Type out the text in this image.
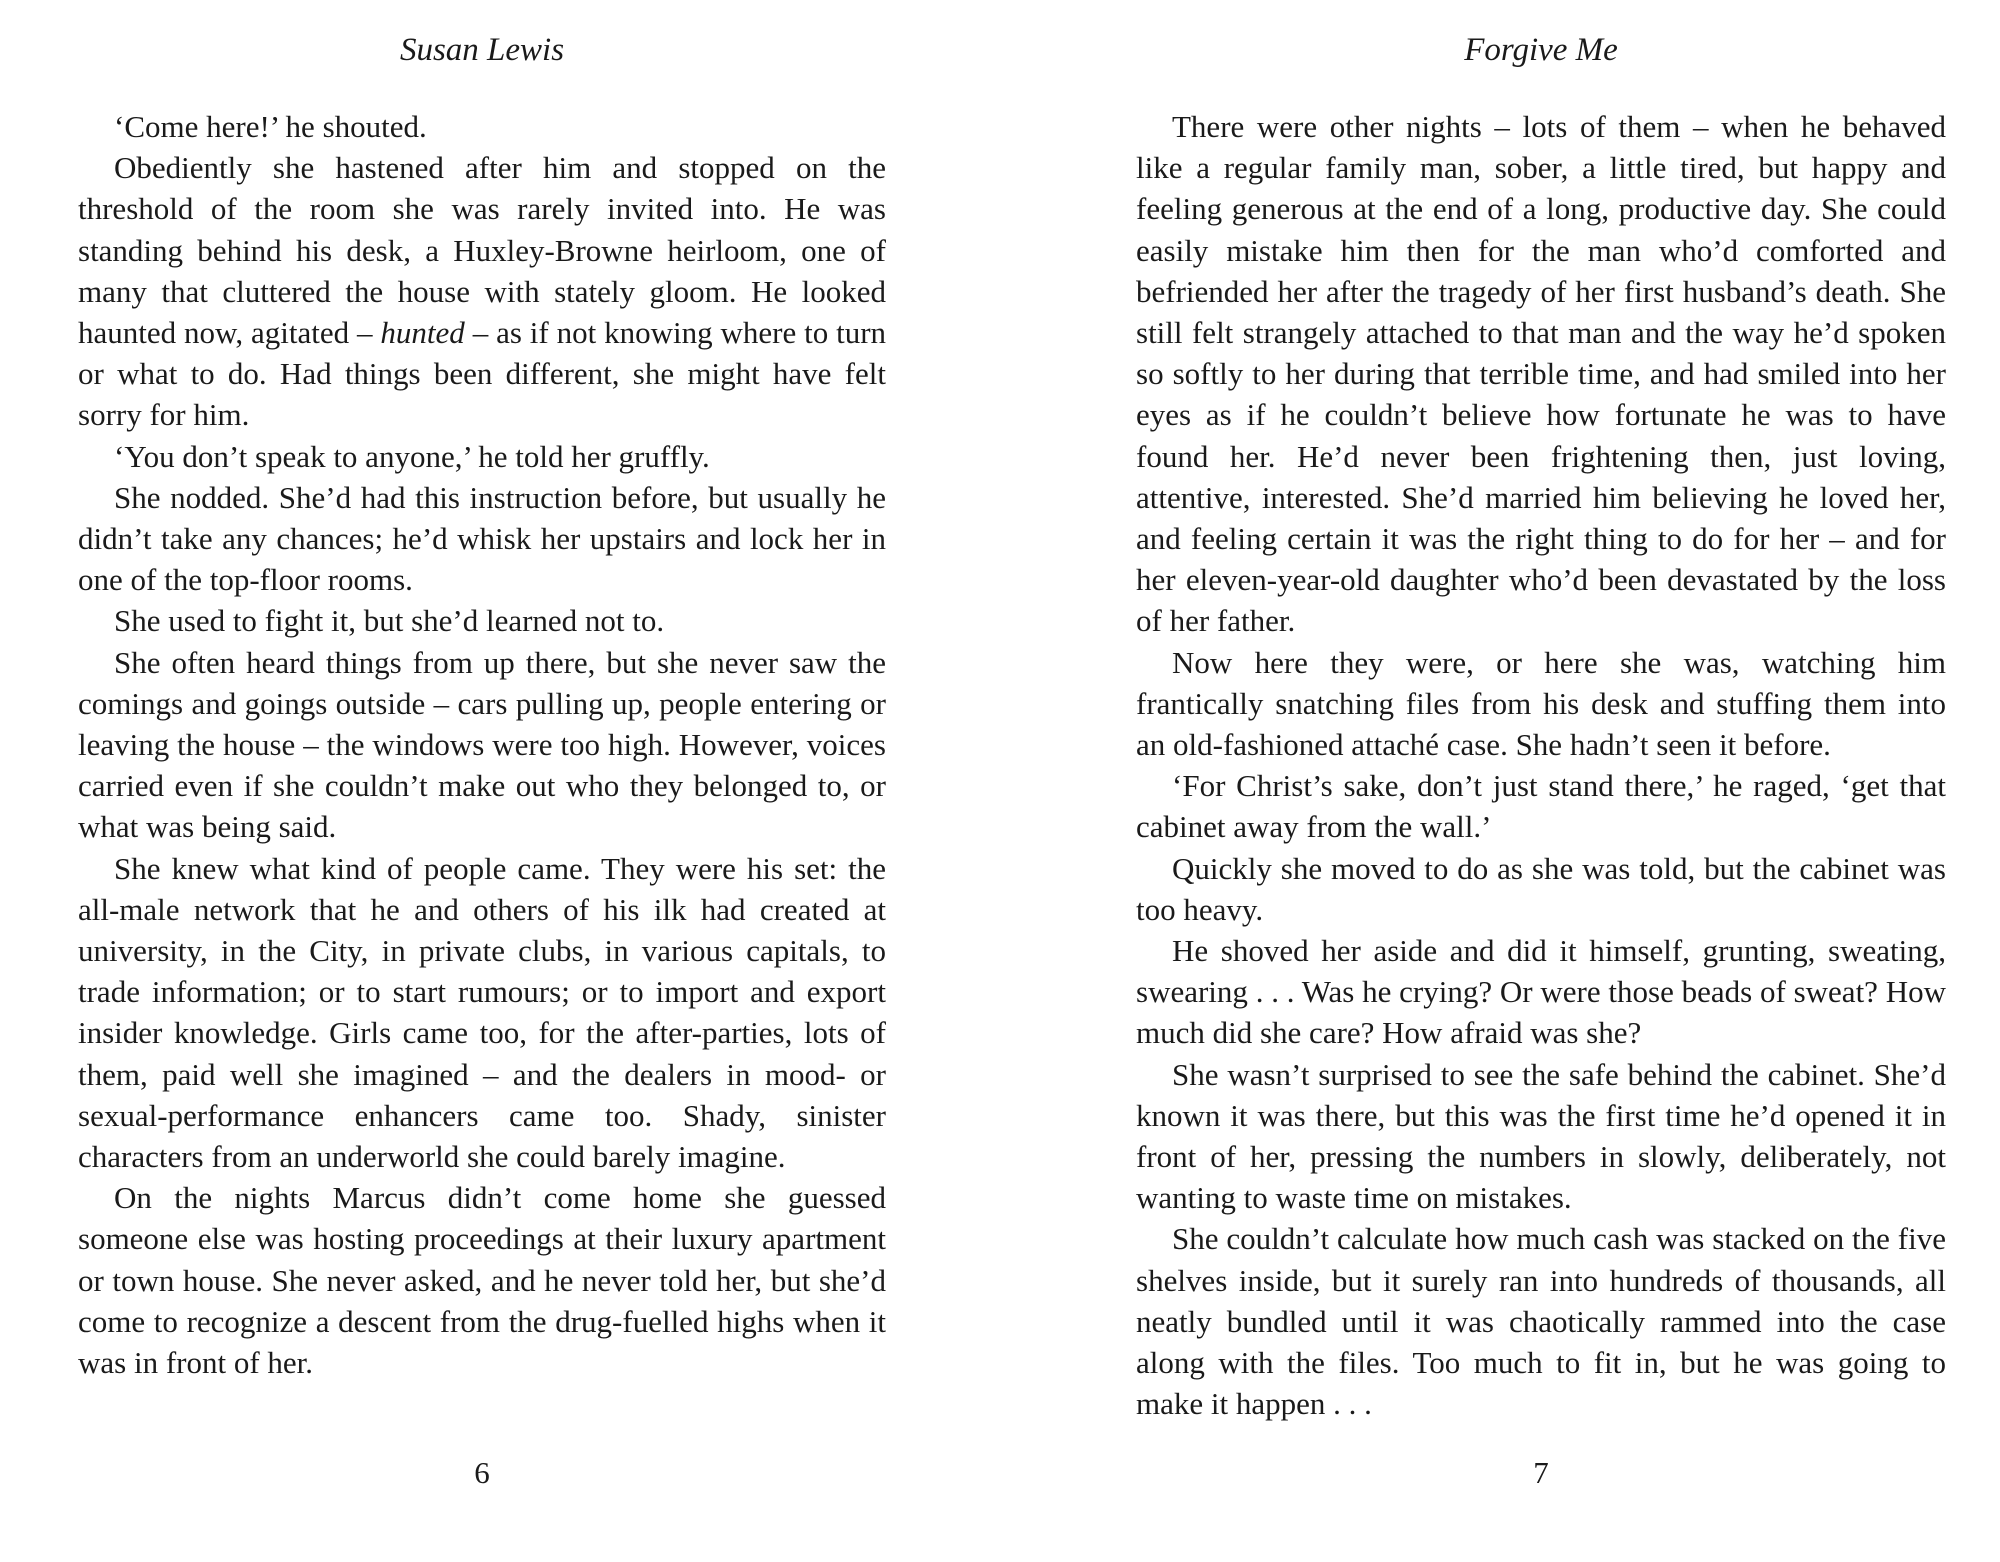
Susan Lewis

‘Come here!’ he shouted.

Obediently she hastened after him and stopped on the threshold of the room she was rarely invited into. He was standing behind his desk, a Huxley-Browne heirloom, one of many that cluttered the house with stately gloom. He looked haunted now, agitated – hunted – as if not knowing where to turn or what to do. Had things been different, she might have felt sorry for him.

‘You don’t speak to anyone,’ he told her gruffly.

She nodded. She’d had this instruction before, but usually he didn’t take any chances; he’d whisk her upstairs and lock her in one of the top-floor rooms.

She used to fight it, but she’d learned not to.

She often heard things from up there, but she never saw the comings and goings outside – cars pulling up, people entering or leaving the house – the windows were too high. However, voices carried even if she couldn’t make out who they belonged to, or what was being said.

She knew what kind of people came. They were his set: the all-male network that he and others of his ilk had created at university, in the City, in private clubs, in various capitals, to trade information; or to start rumours; or to import and export insider knowledge. Girls came too, for the after-parties, lots of them, paid well she imagined – and the dealers in mood- or sexual-performance enhancers came too. Shady, sinister characters from an underworld she could barely imagine.

On the nights Marcus didn’t come home she guessed someone else was hosting proceedings at their luxury apartment or town house. She never asked, and he never told her, but she’d come to recognize a descent from the drug-fuelled highs when it was in front of her.

6
Forgive Me

There were other nights – lots of them – when he behaved like a regular family man, sober, a little tired, but happy and feeling generous at the end of a long, productive day. She could easily mistake him then for the man who’d comforted and befriended her after the tragedy of her first husband’s death. She still felt strangely attached to that man and the way he’d spoken so softly to her during that terrible time, and had smiled into her eyes as if he couldn’t believe how fortunate he was to have found her. He’d never been frightening then, just loving, attentive, interested. She’d married him believing he loved her, and feeling certain it was the right thing to do for her – and for her eleven-year-old daughter who’d been devastated by the loss of her father.

Now here they were, or here she was, watching him frantically snatching files from his desk and stuffing them into an old-fashioned attaché case. She hadn’t seen it before.

‘For Christ’s sake, don’t just stand there,’ he raged, ‘get that cabinet away from the wall.’

Quickly she moved to do as she was told, but the cabinet was too heavy.

He shoved her aside and did it himself, grunting, sweating, swearing . . . Was he crying? Or were those beads of sweat? How much did she care? How afraid was she?

She wasn’t surprised to see the safe behind the cabinet. She’d known it was there, but this was the first time he’d opened it in front of her, pressing the numbers in slowly, deliberately, not wanting to waste time on mistakes.

She couldn’t calculate how much cash was stacked on the five shelves inside, but it surely ran into hundreds of thousands, all neatly bundled until it was chaotically rammed into the case along with the files. Too much to fit in, but he was going to make it happen . . .

7
